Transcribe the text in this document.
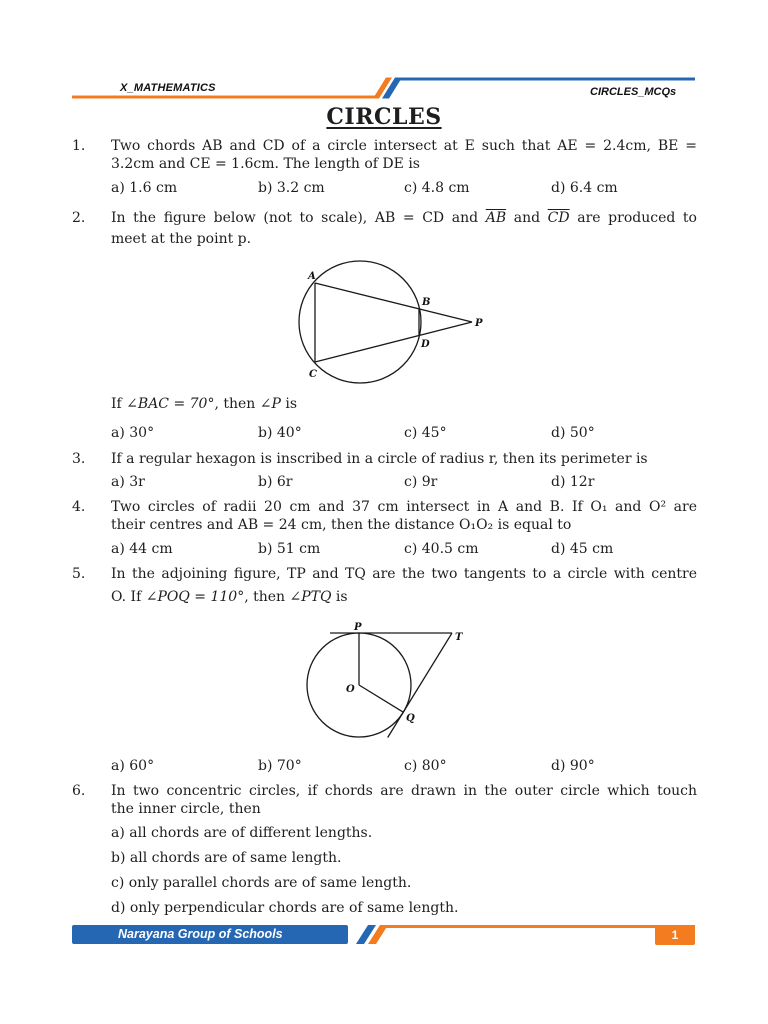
X_MATHEMATICS	CIRCLES_MCQs
CIRCLES
1. Two chords AB and CD of a circle intersect at E such that AE = 2.4cm, BE =
3.2cm and CE = 1.6cm. The length of DE is
a) 1.6 cm	b) 3.2 cm	c) 4.8 cm	d) 6.4 cm
2. In the figure below (not to scale), AB = CD and $\overline{AB}$ and $\overline{CD}$ are produced to
meet at the point p.
A
B
P
D
C
If ∠BAC = 70°, then ∠P is
a) 30°	b) 40°	c) 45°	d) 50°
3. If a regular hexagon is inscribed in a circle of radius r, then its perimeter is
a) 3r	b) 6r	c) 9r	d) 12r
4. Two circles of radii 20 cm and 37 cm intersect in A and B. If O₁ and O² are
their centres and AB = 24 cm, then the distance O₁O₂ is equal to
a) 44 cm	b) 51 cm	c) 40.5 cm	d) 45 cm
5. In the adjoining figure, TP and TQ are the two tangents to a circle with centre
O. If ∠POQ = 110°, then ∠PTQ is
P
T
O
Q
a) 60°	b) 70°	c) 80°	d) 90°
6. In two concentric circles, if chords are drawn in the outer circle which touch
the inner circle, then
a) all chords are of different lengths.
b) all chords are of same length.
c) only parallel chords are of same length.
d) only perpendicular chords are of same length.
Narayana Group of Schools	1
